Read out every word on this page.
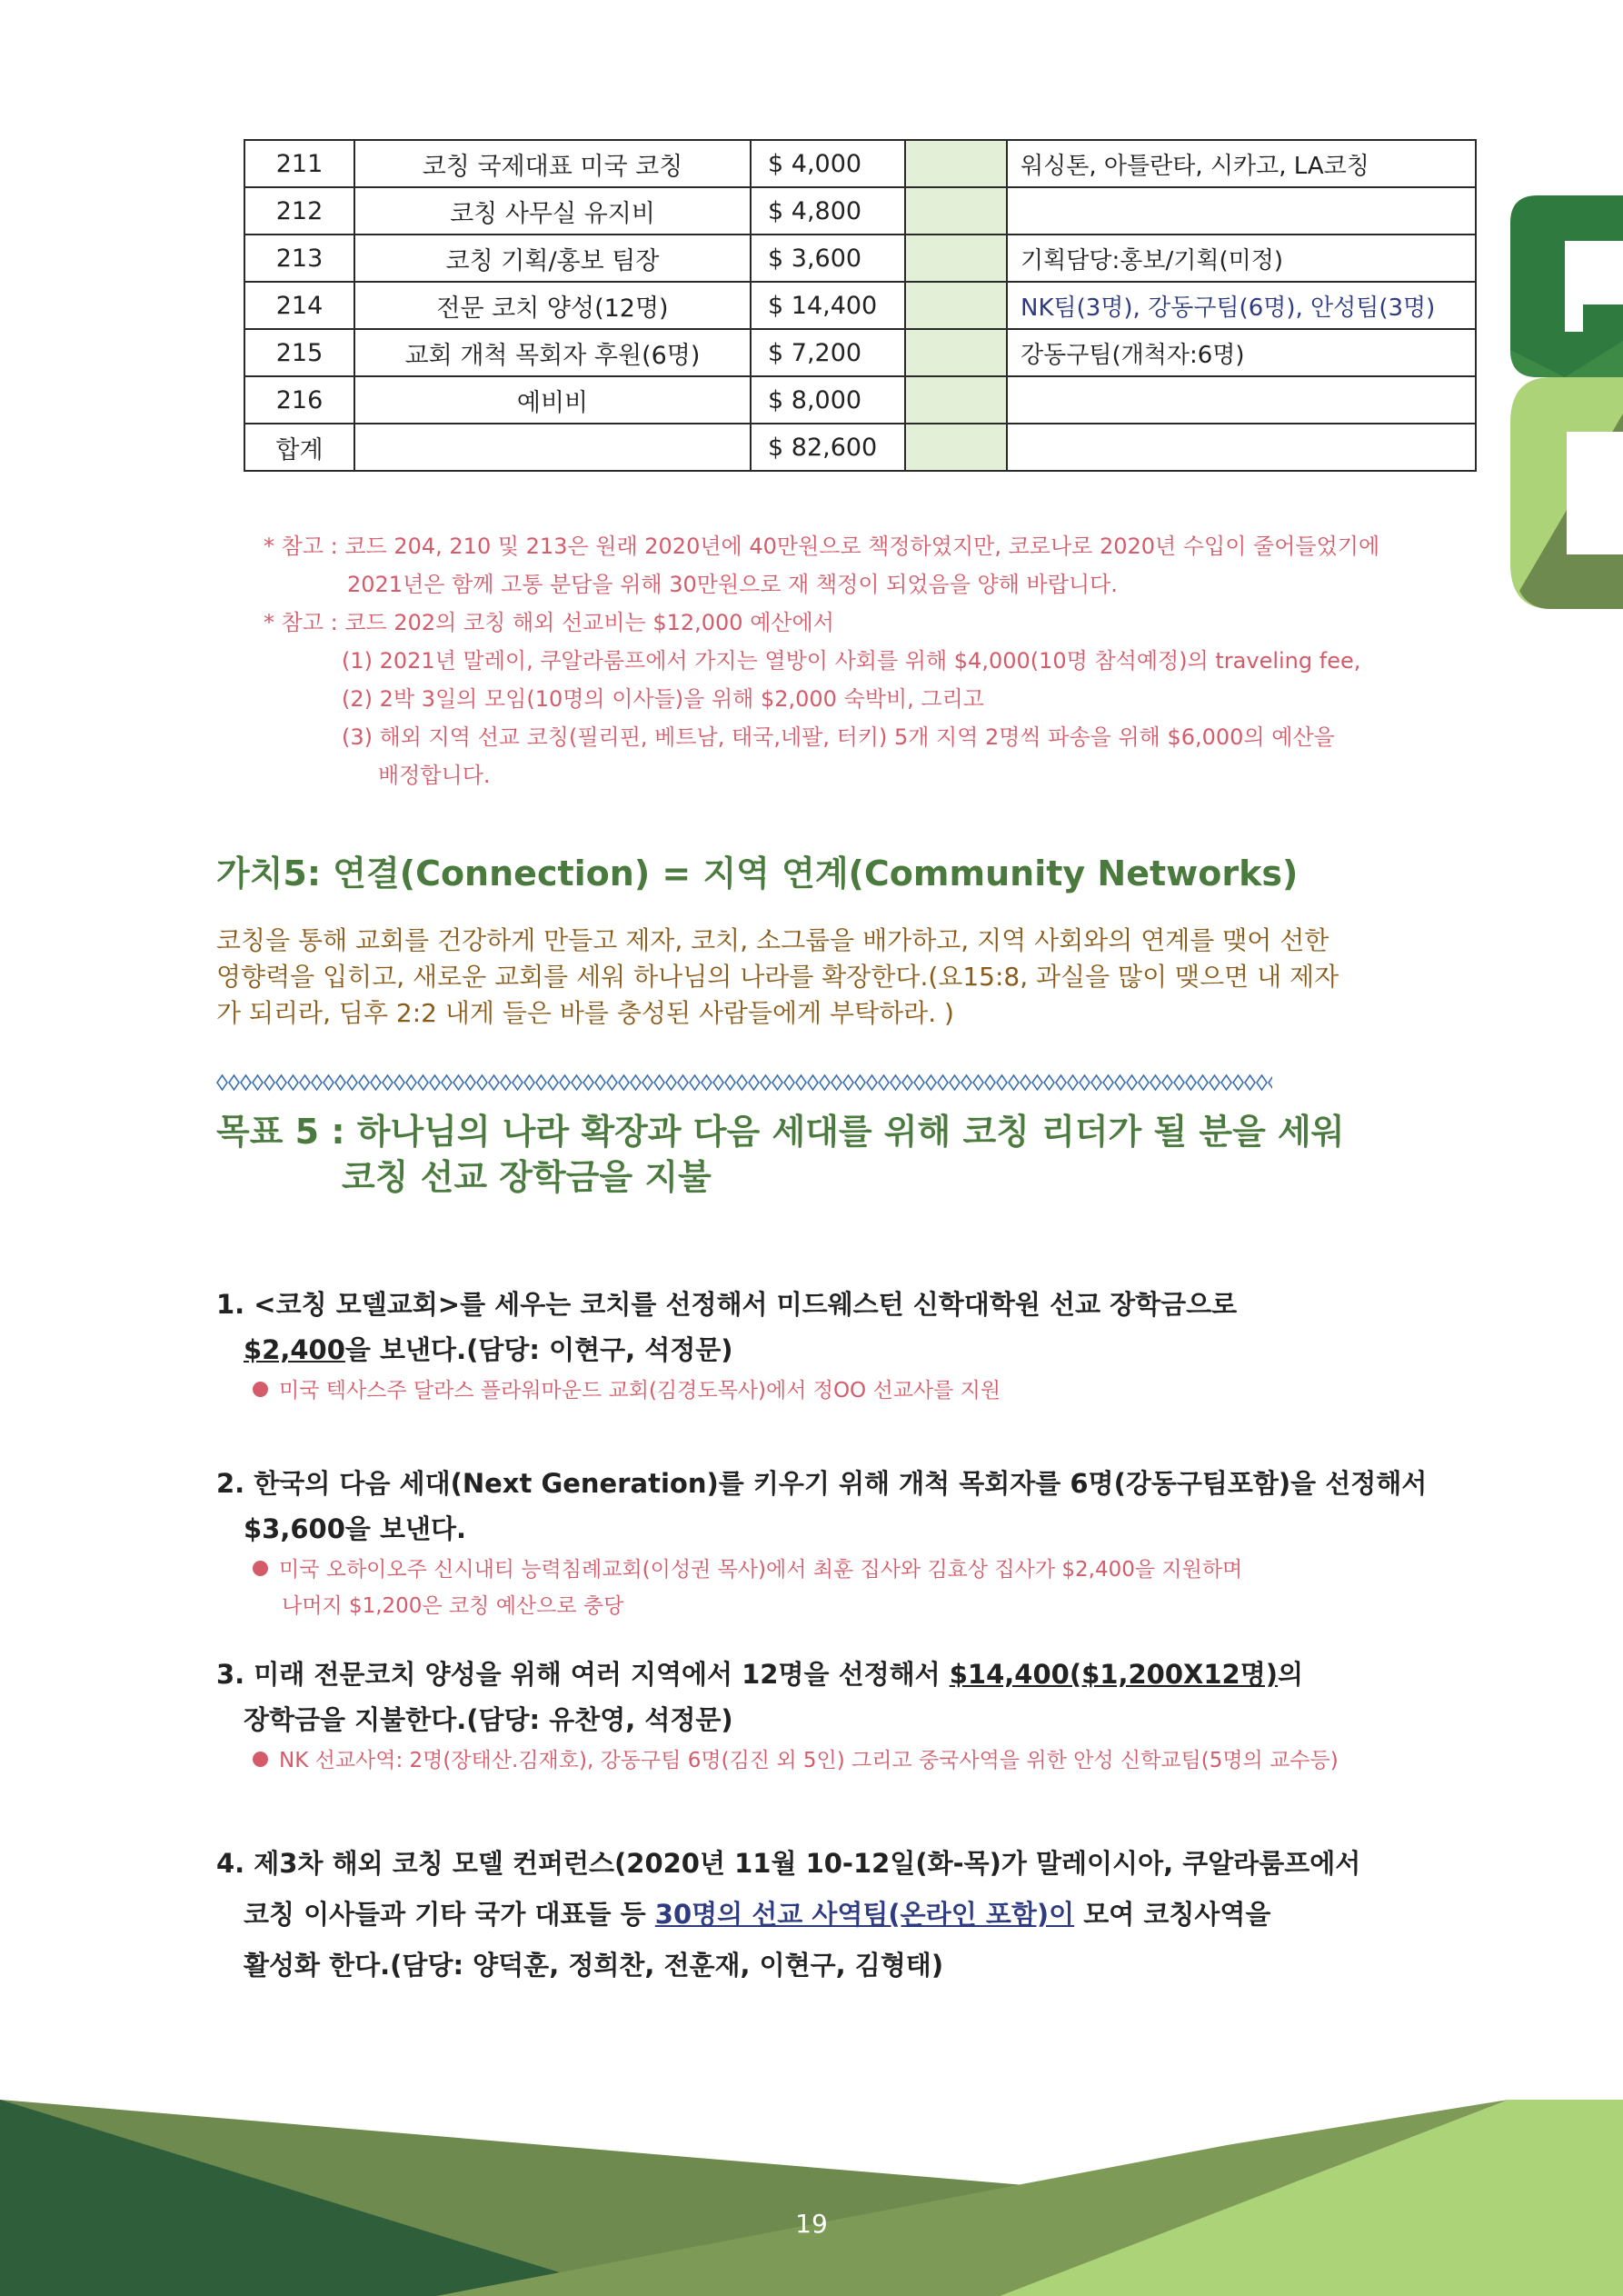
211	코칭 국제대표 미국 코칭	$ 4,000		워싱톤, 아틀란타, 시카고, LA코칭
212	코칭 사무실 유지비	$ 4,800		
213	코칭 기획/홍보 팀장	$ 3,600		기획담당:홍보/기획(미정)
214	전문 코치 양성(12명)	$ 14,400		NK팀(3명), 강동구팀(6명), 안성팀(3명)
215	교회 개척 목회자 후원(6명)	$ 7,200		강동구팀(개척자:6명)
216	예비비	$ 8,000		
합계		$ 82,600		
* 참고 : 코드 204, 210 및 213은 원래 2020년에 40만원으로 책정하였지만, 코로나로 2020년 수입이 줄어들었기에
2021년은 함께 고통 분담을 위해 30만원으로 재 책정이 되었음을 양해 바랍니다.
* 참고 : 코드 202의 코칭 해외 선교비는 $12,000 예산에서
(1) 2021년 말레이, 쿠알라룸프에서 가지는 열방이 사회를 위해 $4,000(10명 참석예정)의 traveling fee,
(2) 2박 3일의 모임(10명의 이사들)을 위해 $2,000 숙박비, 그리고
(3) 해외 지역 선교 코칭(필리핀, 베트남, 태국,네팔, 터키) 5개 지역 2명씩 파송을 위해 $6,000의 예산을
배정합니다.
가치5: 연결(Connection) = 지역 연계(Community Networks)
코칭을 통해 교회를 건강하게 만들고 제자, 코치, 소그룹을 배가하고, 지역 사회와의 연계를 맺어 선한
영향력을 입히고, 새로운 교회를 세워 하나님의 나라를 확장한다.(요15:8, 과실을 많이 맺으면 내 제자
가 되리라, 딤후 2:2 내게 들은 바를 충성된 사람들에게 부탁하라. )
목표 5 : 하나님의 나라 확장과 다음 세대를 위해 코칭 리더가 될 분을 세워
코칭 선교 장학금을 지불
1. <코칭 모델교회>를 세우는 코치를 선정해서 미드웨스턴 신학대학원 선교 장학금으로
$2,400을 보낸다.(담당: 이현구, 석정문)
미국 텍사스주 달라스 플라워마운드 교회(김경도목사)에서 정OO 선교사를 지원
2. 한국의 다음 세대(Next Generation)를 키우기 위해 개척 목회자를 6명(강동구팀포함)을 선정해서
$3,600을 보낸다.
미국 오하이오주 신시내티 능력침례교회(이성권 목사)에서 최훈 집사와 김효상 집사가 $2,400을 지원하며
나머지 $1,200은 코칭 예산으로 충당
3. 미래 전문코치 양성을 위해 여러 지역에서 12명을 선정해서 $14,400($1,200X12명)의
장학금을 지불한다.(담당: 유찬영, 석정문)
NK 선교사역: 2명(장태산.김재호), 강동구팀 6명(김진 외 5인) 그리고 중국사역을 위한 안성 신학교팀(5명의 교수등)
4. 제3차 해외 코칭 모델 컨퍼런스(2020년 11월 10-12일(화-목)가 말레이시아, 쿠알라룸프에서
코칭 이사들과 기타 국가 대표들 등 30명의 선교 사역팀(온라인 포함)이 모여 코칭사역을
활성화 한다.(담당: 양덕훈, 정희찬, 전훈재, 이현구, 김형태)
19
